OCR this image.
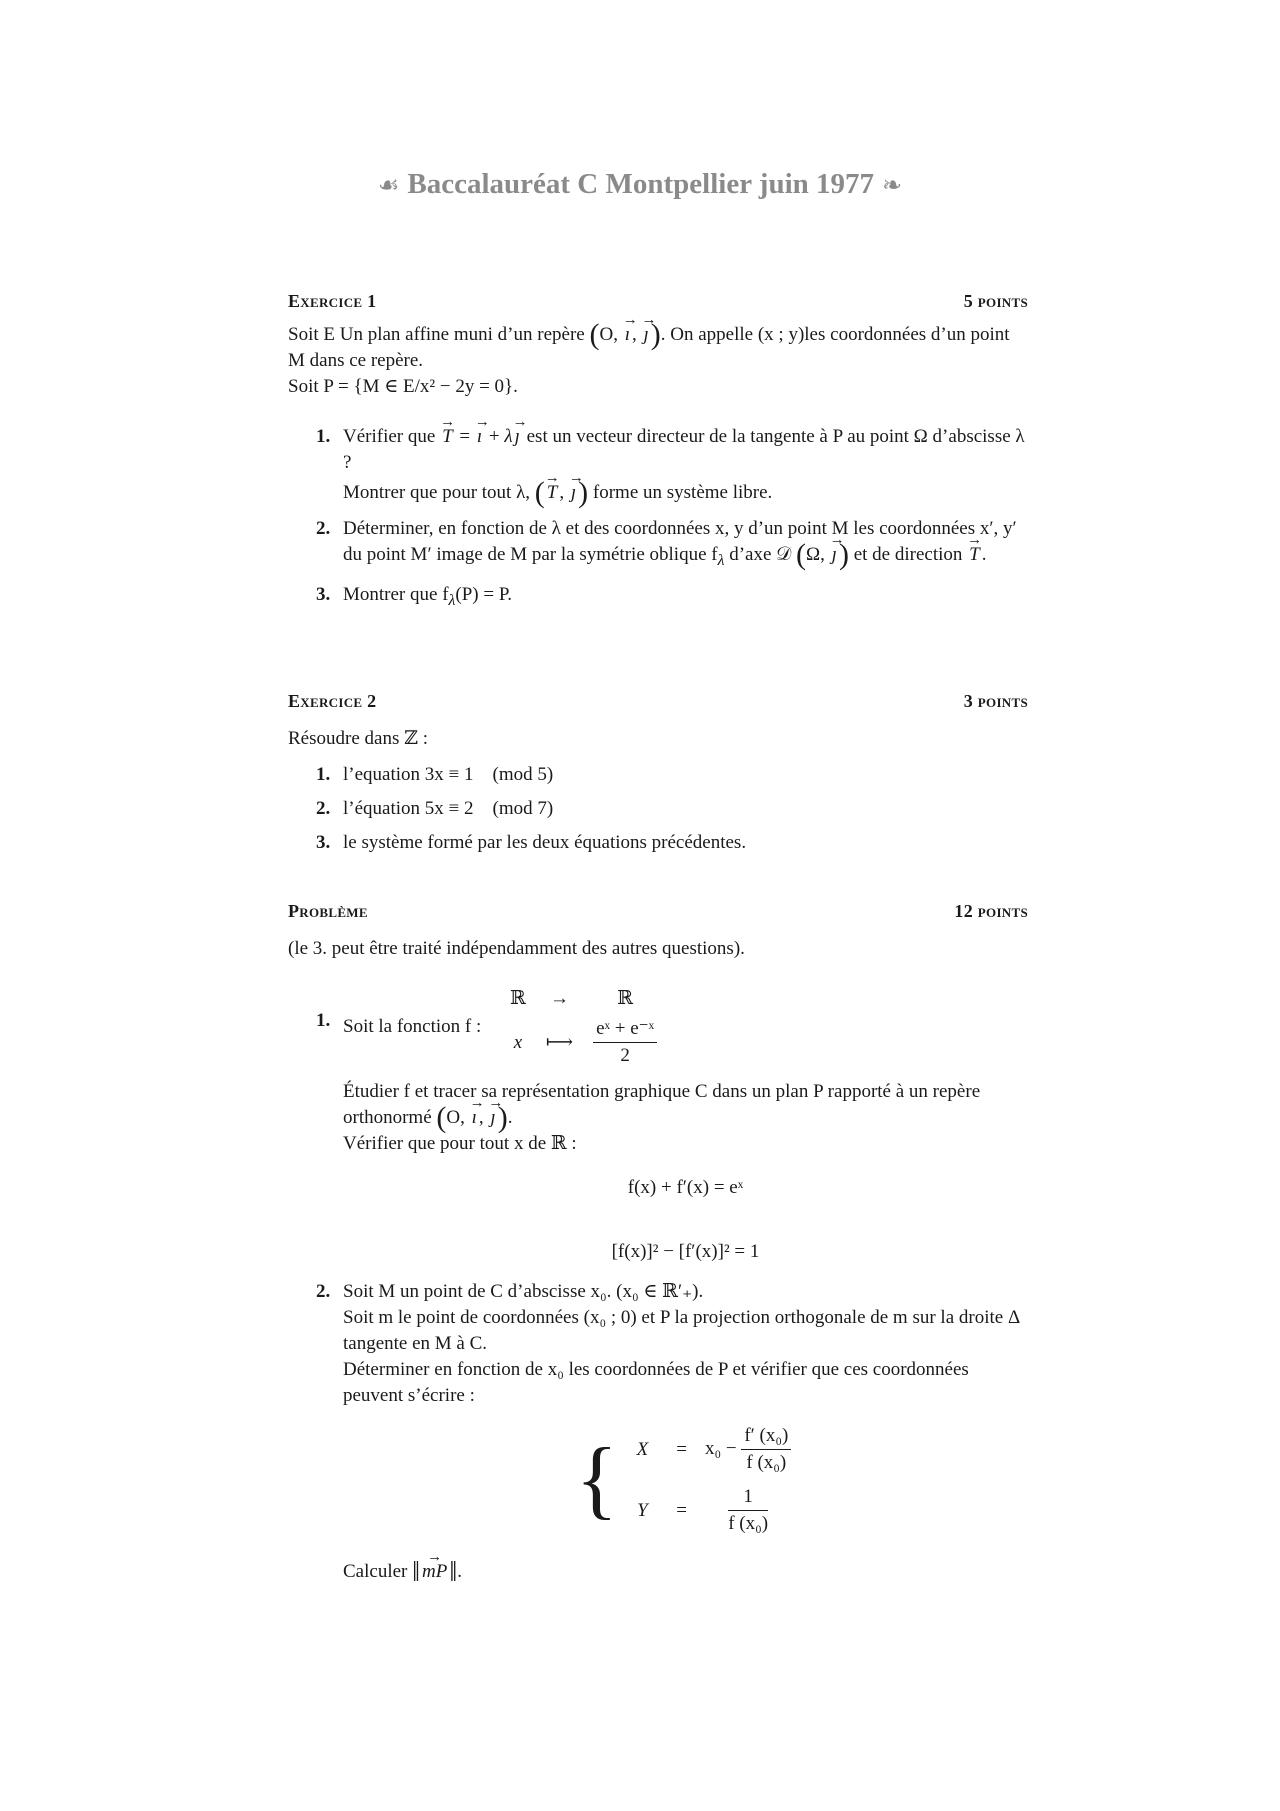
☙ Baccalauréat C Montpellier juin 1977 ❧
Exercice 1	5 points
Soit E Un plan affine muni d’un repère (O, → ı , → ȷ). On appelle (x ; y)les coordonnées d’un point M dans ce repère.
Soit P = {M ∈ E/x² − 2y = 0}.
1. Vérifier que → T = → ı + λ → ȷ est un vecteur directeur de la tangente à P au point Ω d’abscisse λ ?
Montrer que pour tout λ, ( → T , → ȷ) forme un système libre.
2. Déterminer, en fonction de λ et des coordonnées x, y d’un point M les coordonnées x′, y′ du point M′ image de M par la symétrie oblique $f_\lambda$ d’axe 𝒟 (Ω, → ȷ) et de direction → T .
3. Montrer que $f_\lambda(P) = P$.
Exercice 2	3 points
Résoudre dans ℤ :
1. l’equation 3x ≡ 1    (mod 5)
2. l’équation 5x ≡ 2    (mod 7)
3. le système formé par les deux équations précédentes.
Problème	12 points
(le 3. peut être traité indépendamment des autres questions).
1. Soit la fonction f : ℝ	→	ℝ
x	⟼	$\frac{\text{eˣ + e⁻ˣ}}{2}$
Étudier f et tracer sa représentation graphique C dans un plan P rapporté à un repère orthonormé (O, → ı , → ȷ).
Vérifier que pour tout x de ℝ :
f(x) + f′(x) = eˣ
[f(x)]² − [f′(x)]² = 1
2. Soit M un point de C d’abscisse x₀. (x₀ ∈ ℝ′₊).
Soit m le point de coordonnées (x₀ ; 0) et P la projection orthogonale de m sur la droite Δ tangente en M à C.
Déterminer en fonction de x₀ les coordonnées de P et vérifier que ces coordonnées peuvent s’écrire :
{ X	=	$x_0 - \frac{\text{f′ (x₀)}}{\text{f (x₀)}}$

Y	=	$\frac{1}{\text{f (x₀)}}$
Calculer ‖ → mP‖.
